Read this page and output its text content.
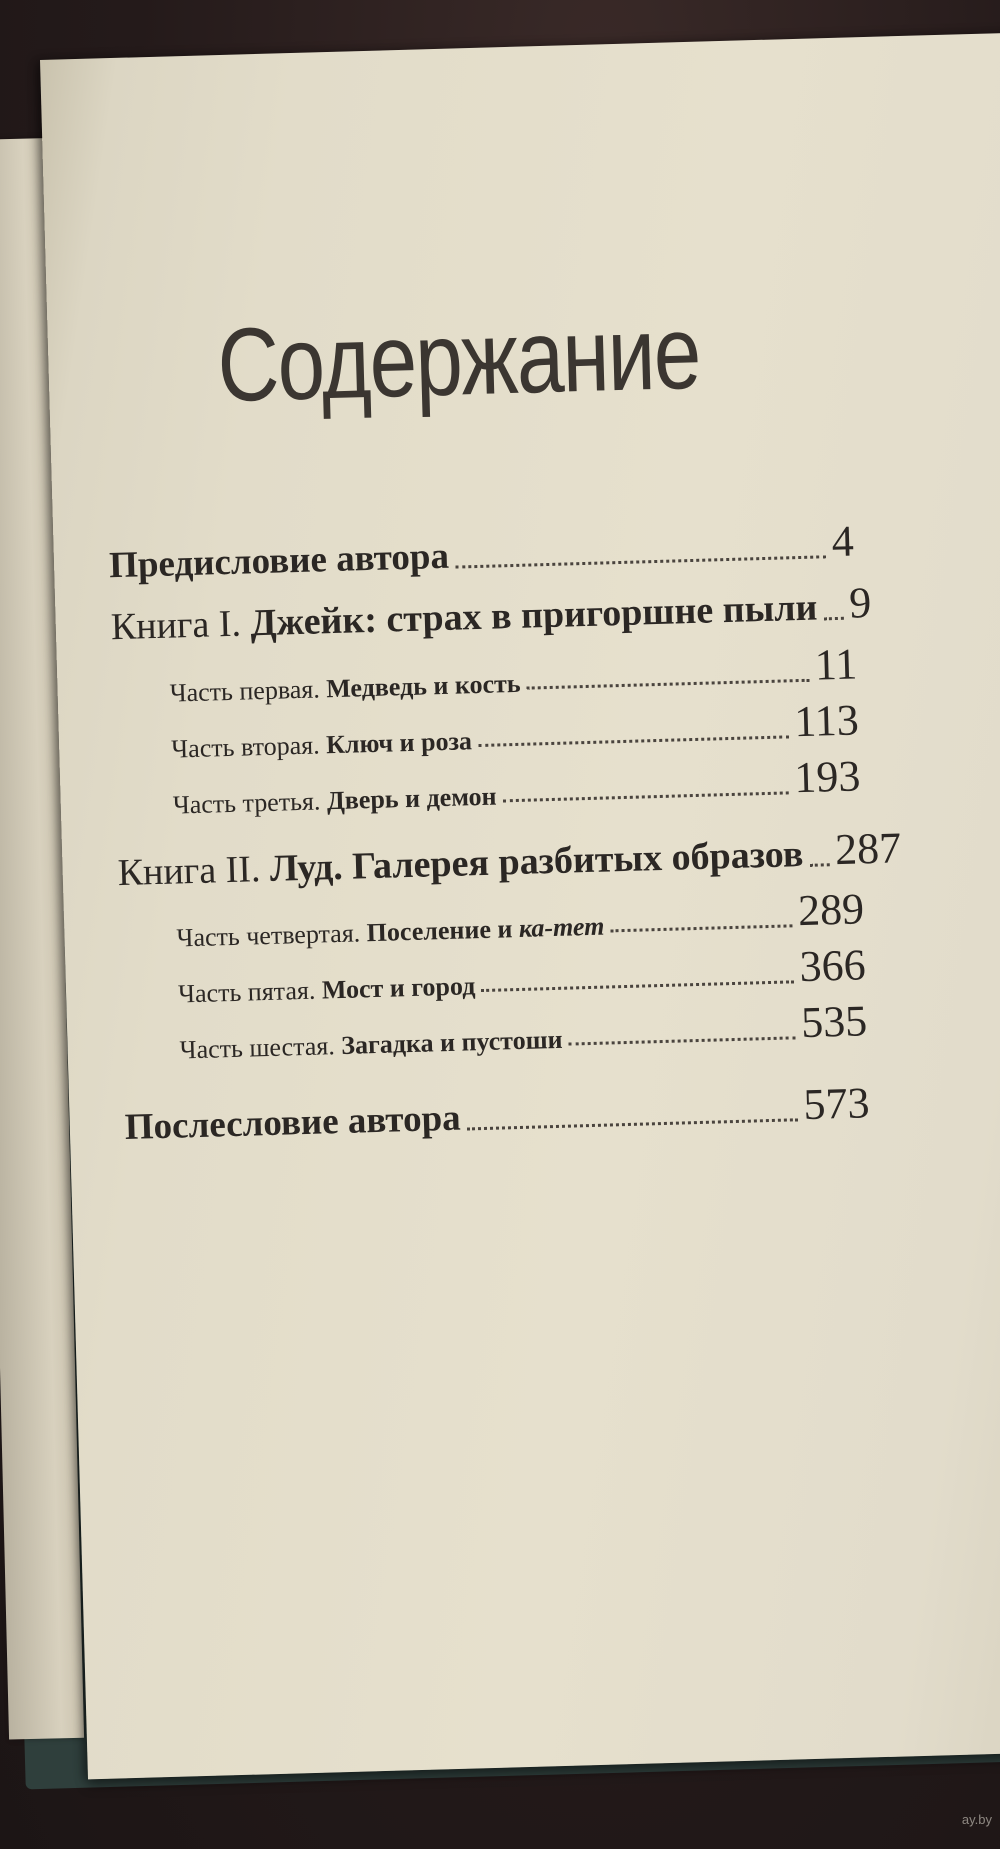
Содержание
Предисловие автора	4
Книга I. Джейк: страх в пригоршне пыли 9
Часть первая. Медведь и кость	11
Часть вторая. Ключ и роза	113
Часть третья. Дверь и демон	193
Книга II. Луд. Галерея разбитых образов 287
Часть четвертая. Поселение и ка-тет	289
Часть пятая. Мост и город	366
Часть шестая. Загадка и пустоши	535
Послесловие автора	573
ay.by
